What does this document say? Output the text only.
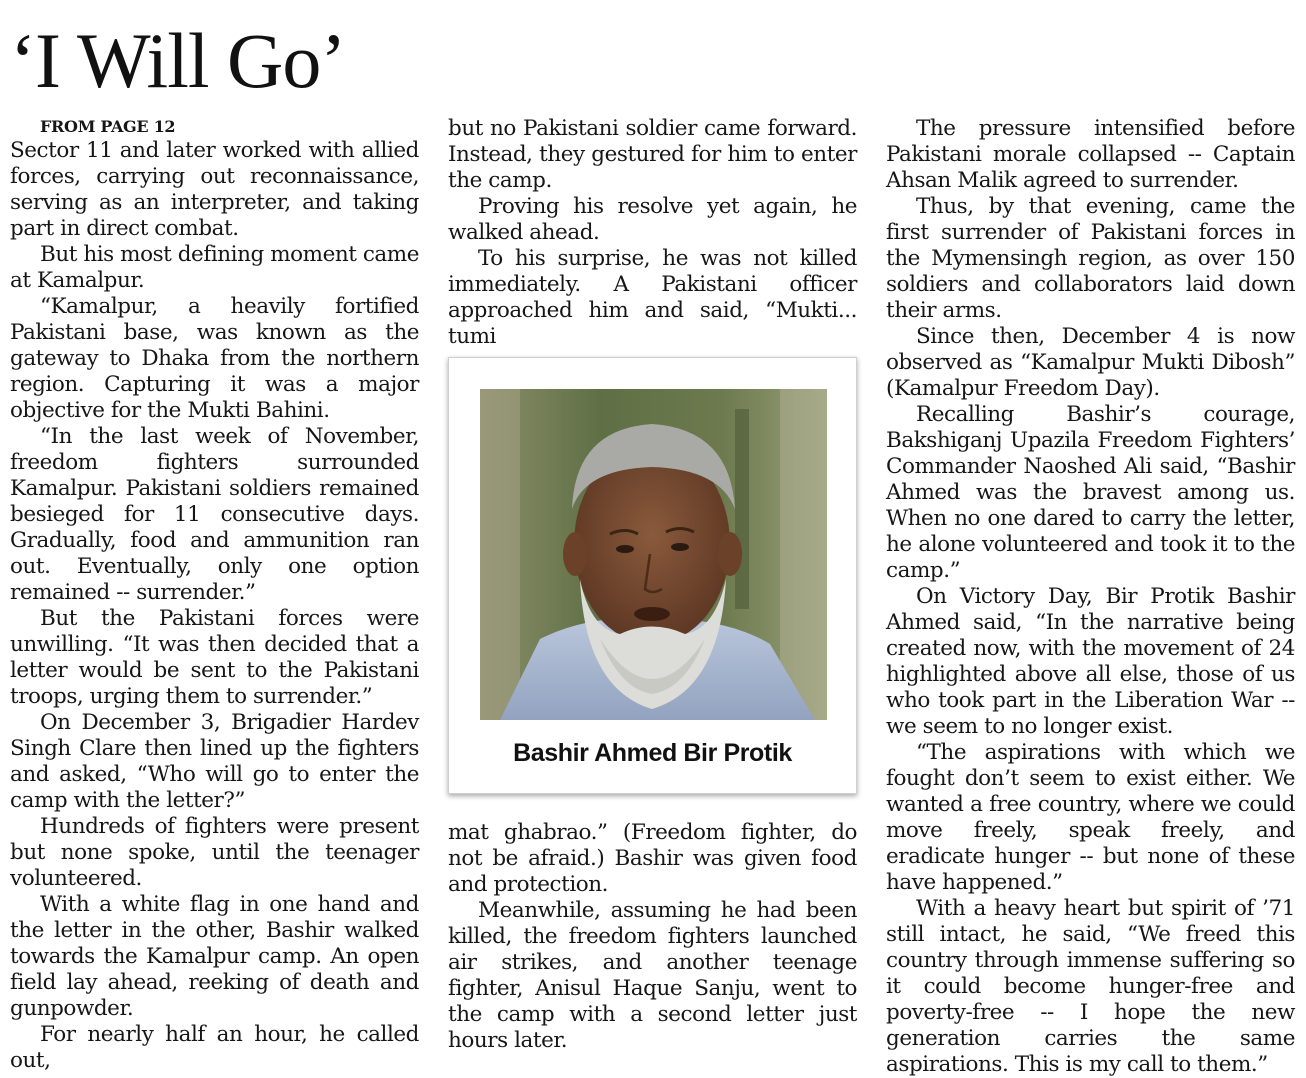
‘I Will Go’

FROM PAGE 12

Sector 11 and later worked with allied forces, carrying out reconnaissance, serving as an interpreter, and taking part in direct combat.

But his most defining moment came at Kamalpur.

“Kamalpur, a heavily fortified Pakistani base, was known as the gateway to Dhaka from the northern region. Capturing it was a major objective for the Mukti Bahini.

“In the last week of November, freedom fighters surrounded Kamalpur. Pakistani soldiers remained besieged for 11 consecutive days. Gradually, food and ammunition ran out. Eventually, only one option remained -- surrender.”

But the Pakistani forces were unwilling. “It was then decided that a letter would be sent to the Pakistani troops, urging them to surrender.”

On December 3, Brigadier Hardev Singh Clare then lined up the fighters and asked, “Who will go to enter the camp with the letter?”

Hundreds of fighters were present but none spoke, until the teenager volunteered.

With a white flag in one hand and the letter in the other, Bashir walked towards the Kamalpur camp. An open field lay ahead, reeking of death and gunpowder.

For nearly half an hour, he called out,

but no Pakistani soldier came forward. Instead, they gestured for him to enter the camp.

Proving his resolve yet again, he walked ahead.

To his surprise, he was not killed immediately. A Pakistani officer approached him and said, “Mukti... tumi

Bashir Ahmed Bir Protik

mat ghabrao.” (Freedom fighter, do not be afraid.) Bashir was given food and protection.

Meanwhile, assuming he had been killed, the freedom fighters launched air strikes, and another teenage fighter, Anisul Haque Sanju, went to the camp with a second letter just hours later.

The pressure intensified before Pakistani morale collapsed -- Captain Ahsan Malik agreed to surrender.

Thus, by that evening, came the first surrender of Pakistani forces in the Mymensingh region, as over 150 soldiers and collaborators laid down their arms.

Since then, December 4 is now observed as “Kamalpur Mukti Dibosh” (Kamalpur Freedom Day).

Recalling Bashir’s courage, Bakshiganj Upazila Freedom Fighters’ Commander Naoshed Ali said, “Bashir Ahmed was the bravest among us. When no one dared to carry the letter, he alone volunteered and took it to the camp.”

On Victory Day, Bir Protik Bashir Ahmed said, “In the narrative being created now, with the movement of 24 highlighted above all else, those of us who took part in the Liberation War -- we seem to no longer exist.

“The aspirations with which we fought don’t seem to exist either. We wanted a free country, where we could move freely, speak freely, and eradicate hunger -- but none of these have happened.”

With a heavy heart but spirit of ’71 still intact, he said, “We freed this country through immense suffering so it could become hunger-free and poverty-free -- I hope the new generation carries the same aspirations. This is my call to them.”
